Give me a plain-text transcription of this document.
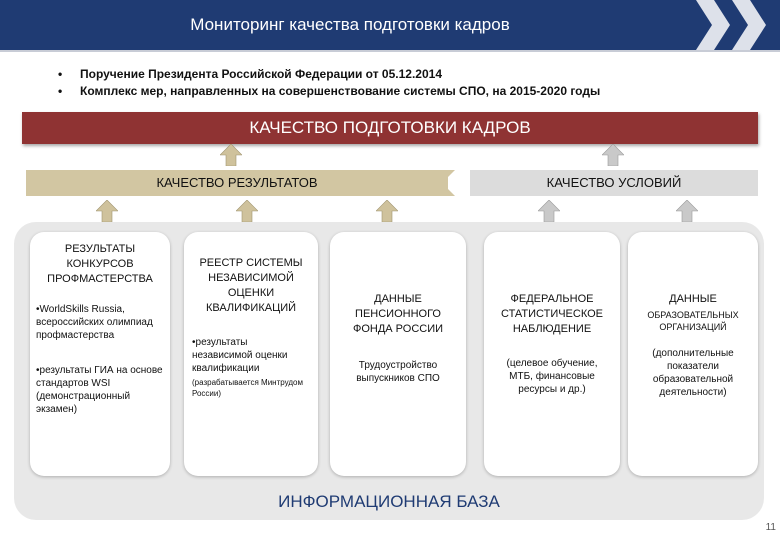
Мониторинг качества подготовки кадров
•	Поручение Президента Российской Федерации от 05.12.2014
•	Комплекс мер, направленных на совершенствование системы СПО, на 2015-2020 годы
КАЧЕСТВО ПОДГОТОВКИ КАДРОВ
КАЧЕСТВО РЕЗУЛЬТАТОВ	КАЧЕСТВО УСЛОВИЙ
РЕЗУЛЬТАТЫ КОНКУРСОВ ПРОФМАСТЕРСТВА
•WorldSkills Russia, всероссийских олимпиад профмастерства
•результаты ГИА на основе стандартов WSI (демонстрационный экзамен)
РЕЕСТР СИСТЕМЫ НЕЗАВИСИМОЙ ОЦЕНКИ КВАЛИФИКАЦИЙ
•результаты независимой оценки квалификации
(разрабатывается Минтрудом России)
ДАННЫЕ ПЕНСИОННОГО ФОНДА РОССИИ
Трудоустройство выпускников СПО
ФЕДЕРАЛЬНОЕ СТАТИСТИЧЕСКОЕ НАБЛЮДЕНИЕ
(целевое обучение, МТБ, финансовые ресурсы и др.)
ДАННЫЕ
ОБРАЗОВАТЕЛЬНЫХ ОРГАНИЗАЦИЙ
(дополнительные показатели образовательной деятельности)
ИНФОРМАЦИОННАЯ БАЗА
11
